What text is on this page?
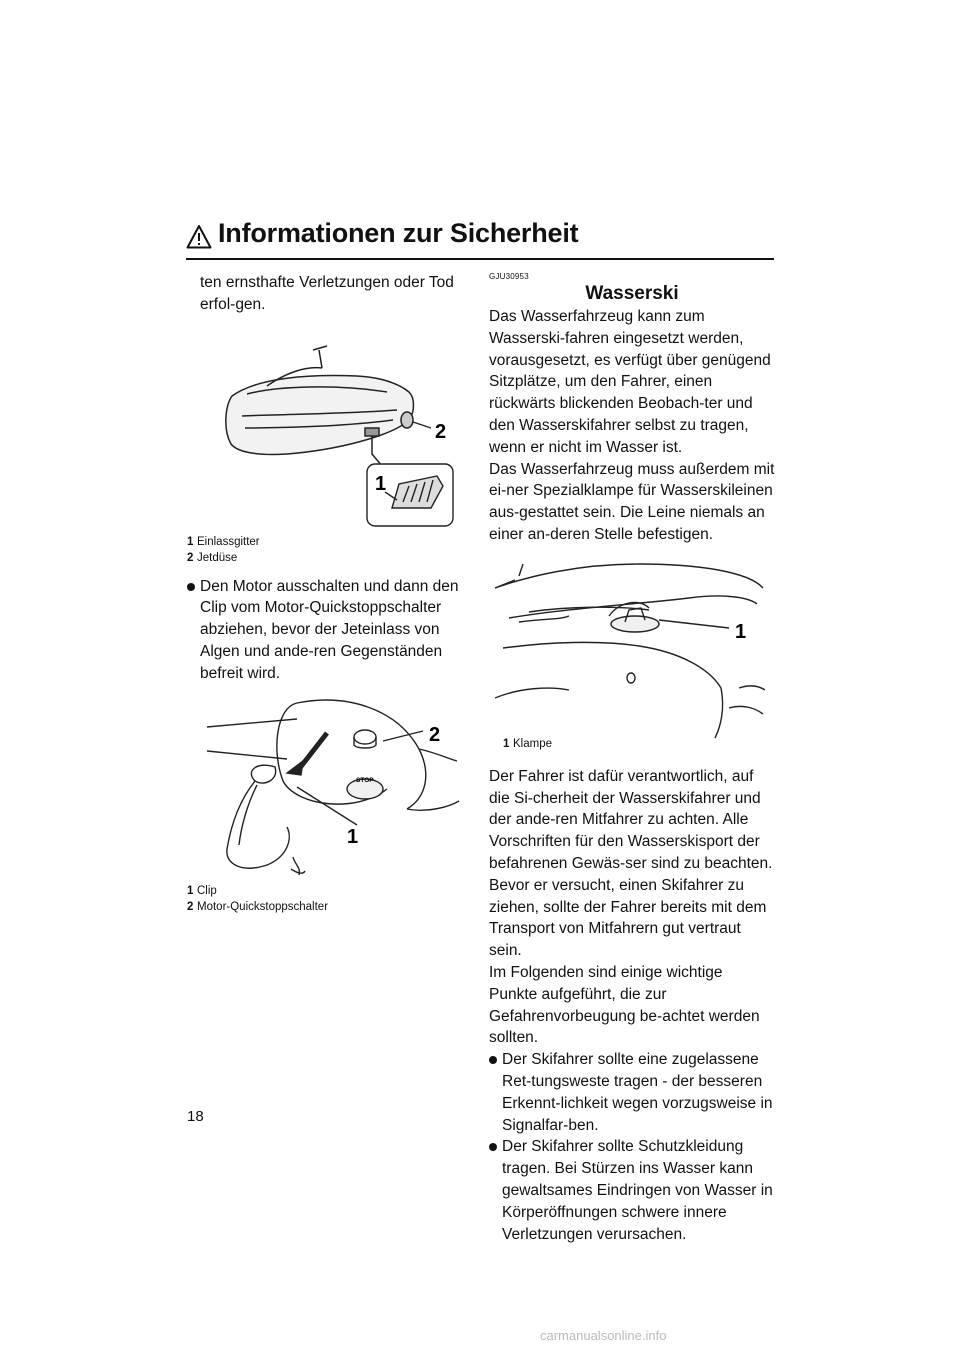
Informationen zur Sicherheit

ten ernsthafte Verletzungen oder Tod erfol-gen.

1
2
1 Einlassgitter
2 Jetdüse
Den Motor ausschalten und dann den Clip vom Motor-Quickstoppschalter abziehen, bevor der Jeteinlass von Algen und ande-ren Gegenständen befreit wird.
STOP
2
1
1 Clip
2 Motor-Quickstoppschalter

GJU30953

Wasserski

Das Wasserfahrzeug kann zum Wasserski-fahren eingesetzt werden, vorausgesetzt, es verfügt über genügend Sitzplätze, um den Fahrer, einen rückwärts blickenden Beobach-ter und den Wasserskifahrer selbst zu tragen, wenn er nicht im Wasser ist.

Das Wasserfahrzeug muss außerdem mit ei-ner Spezialklampe für Wasserskileinen aus-gestattet sein. Die Leine niemals an einer an-deren Stelle befestigen.

1
1 Klampe

Der Fahrer ist dafür verantwortlich, auf die Si-cherheit der Wasserskifahrer und der ande-ren Mitfahrer zu achten. Alle Vorschriften für den Wasserskisport der befahrenen Gewäs-ser sind zu beachten.

Bevor er versucht, einen Skifahrer zu ziehen, sollte der Fahrer bereits mit dem Transport von Mitfahrern gut vertraut sein.

Im Folgenden sind einige wichtige Punkte aufgeführt, die zur Gefahrenvorbeugung be-achtet werden sollten.

Der Skifahrer sollte eine zugelassene Ret-tungsweste tragen - der besseren Erkennt-lichkeit wegen vorzugsweise in Signalfar-ben.
Der Skifahrer sollte Schutzkleidung tragen. Bei Stürzen ins Wasser kann gewaltsames Eindringen von Wasser in Körperöffnungen schwere innere Verletzungen verursachen.
18
carmanualsonline.info
